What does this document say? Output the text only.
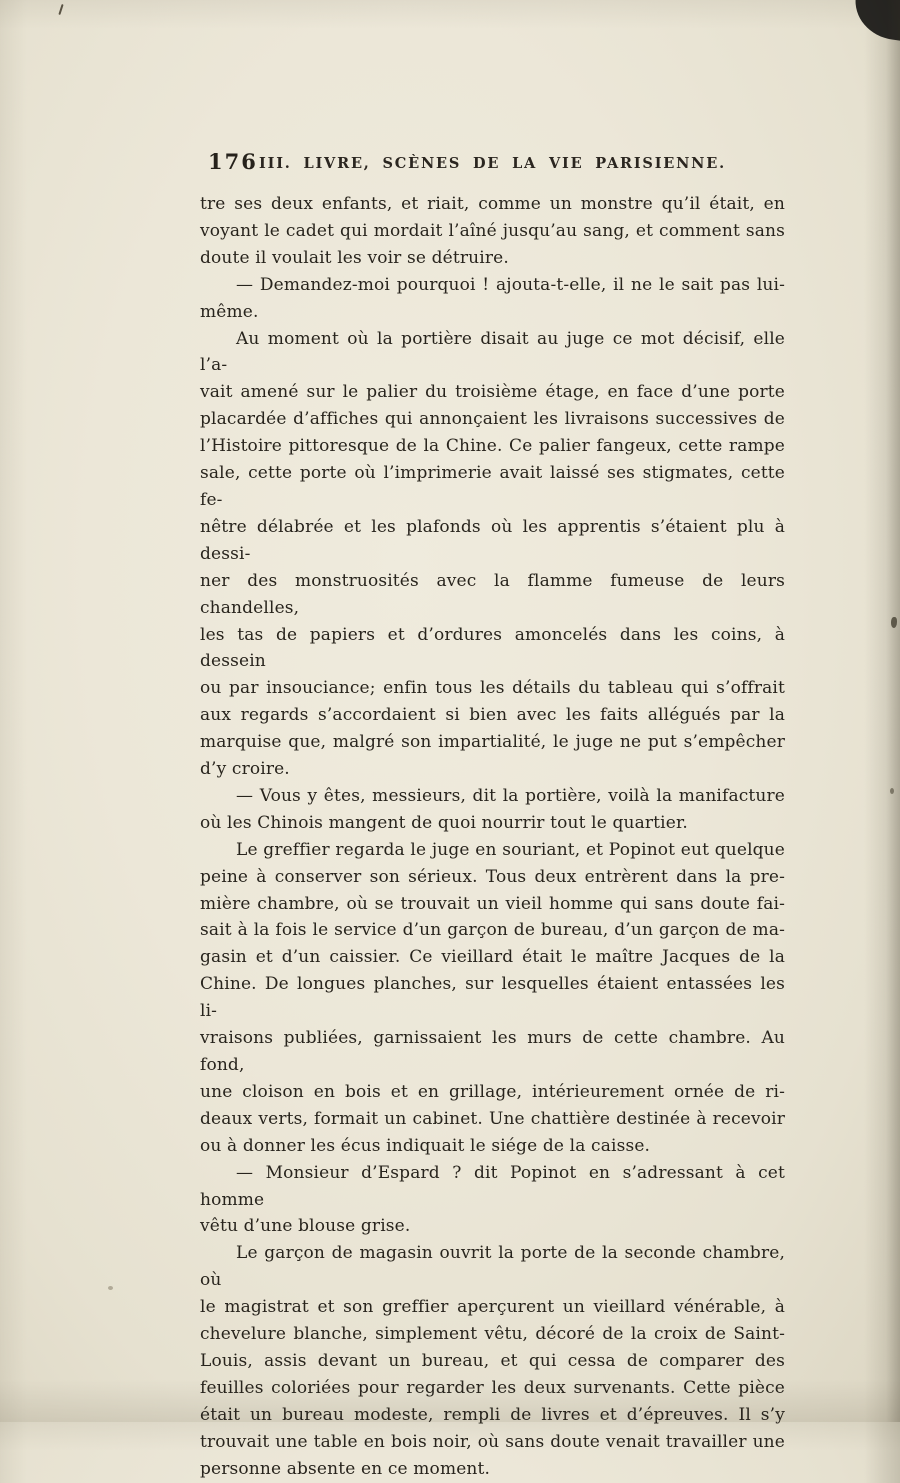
176 III. LIVRE, SCÈNES DE LA VIE PARISIENNE.
tre ses deux enfants, et riait, comme un monstre qu’il était, en
voyant le cadet qui mordait l’aîné jusqu’au sang, et comment sans
doute il voulait les voir se détruire.
— Demandez-moi pourquoi ! ajouta-t-elle, il ne le sait pas lui-
même.
Au moment où la portière disait au juge ce mot décisif, elle l’a-
vait amené sur le palier du troisième étage, en face d’une porte
placardée d’affiches qui annonçaient les livraisons successives de
l’Histoire pittoresque de la Chine. Ce palier fangeux, cette rampe
sale, cette porte où l’imprimerie avait laissé ses stigmates, cette fe-
nêtre délabrée et les plafonds où les apprentis s’étaient plu à dessi-
ner des monstruosités avec la flamme fumeuse de leurs chandelles,
les tas de papiers et d’ordures amoncelés dans les coins, à dessein
ou par insouciance; enfin tous les détails du tableau qui s’offrait
aux regards s’accordaient si bien avec les faits allégués par la
marquise que, malgré son impartialité, le juge ne put s’empêcher
d’y croire.
— Vous y êtes, messieurs, dit la portière, voilà la manifacture
où les Chinois mangent de quoi nourrir tout le quartier.
Le greffier regarda le juge en souriant, et Popinot eut quelque
peine à conserver son sérieux. Tous deux entrèrent dans la pre-
mière chambre, où se trouvait un vieil homme qui sans doute fai-
sait à la fois le service d’un garçon de bureau, d’un garçon de ma-
gasin et d’un caissier. Ce vieillard était le maître Jacques de la
Chine. De longues planches, sur lesquelles étaient entassées les li-
vraisons publiées, garnissaient les murs de cette chambre. Au fond,
une cloison en bois et en grillage, intérieurement ornée de ri-
deaux verts, formait un cabinet. Une chattière destinée à recevoir
ou à donner les écus indiquait le siége de la caisse.
— Monsieur d’Espard ? dit Popinot en s’adressant à cet homme
vêtu d’une blouse grise.
Le garçon de magasin ouvrit la porte de la seconde chambre, où
le magistrat et son greffier aperçurent un vieillard vénérable, à
chevelure blanche, simplement vêtu, décoré de la croix de Saint-
Louis, assis devant un bureau, et qui cessa de comparer des
feuilles coloriées pour regarder les deux survenants. Cette pièce
était un bureau modeste, rempli de livres et d’épreuves. Il s’y
trouvait une table en bois noir, où sans doute venait travailler une
personne absente en ce moment.
